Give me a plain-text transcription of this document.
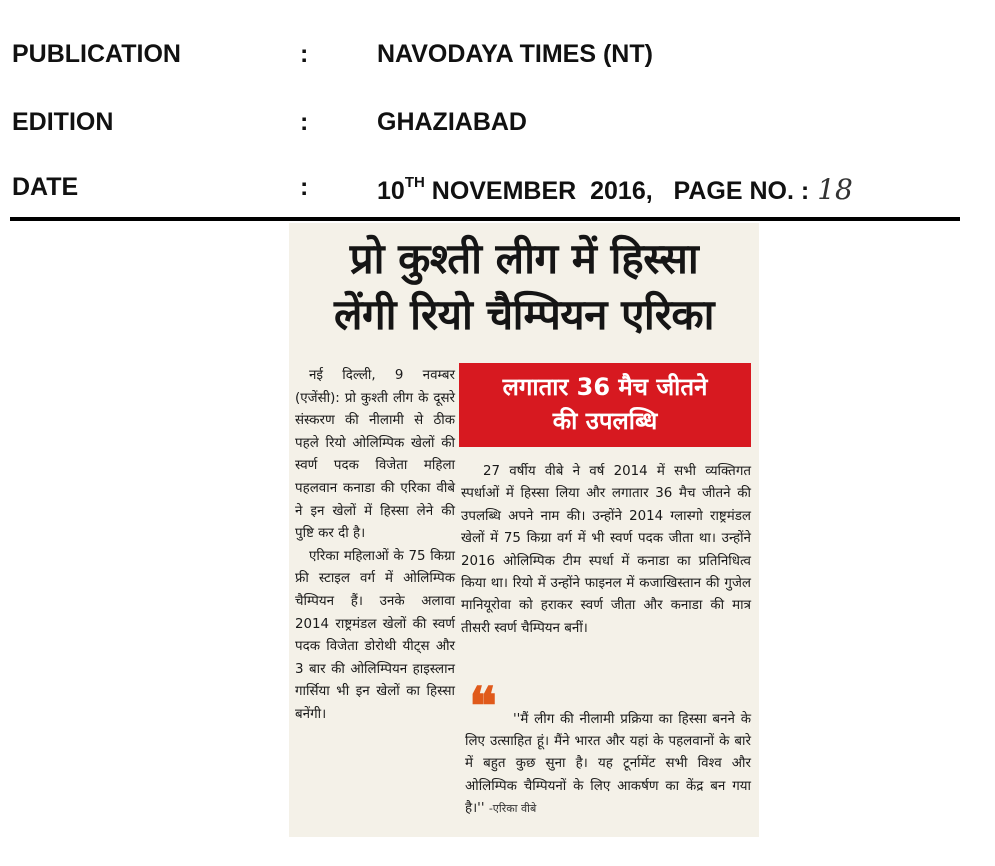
PUBLICATION	:	NAVODAYA TIMES (NT)
EDITION	:	GHAZIABAD
DATE	:	10TH NOVEMBER  2016, PAGE NO. : 18
प्रो कुश्ती लीग में हिस्सा
लेंगी रियो चैम्पियन एरिका

नई दिल्ली, 9 नवम्बर (एजेंसी): प्रो कुश्ती लीग के दूसरे संस्करण की नीलामी से ठीक पहले रियो ओलिम्पिक खेलों की स्वर्ण पदक विजेता महिला पहलवान कनाडा की एरिका वीबे ने इन खेलों में हिस्सा लेने की पुष्टि कर दी है।

एरिका महिलाओं के 75 किग्रा फ्री स्टाइल वर्ग में ओलिम्पिक चैम्पियन हैं। उनके अलावा 2014 राष्ट्रमंडल खेलों की स्वर्ण पदक विजेता डोरोथी यीट्स और 3 बार की ओलिम्पियन हाइस्लान गार्सिया भी इन खेलों का हिस्सा बनेंगी।

लगातार 36 मैच जीतने
की उपलब्धि

27 वर्षीय वीबे ने वर्ष 2014 में सभी व्यक्तिगत स्पर्धाओं में हिस्सा लिया और लगातार 36 मैच जीतने की उपलब्धि अपने नाम की। उन्होंने 2014 ग्लास्गो राष्ट्रमंडल खेलों में 75 किग्रा वर्ग में भी स्वर्ण पदक जीता था। उन्होंने 2016 ओलिम्पिक टीम स्पर्धा में कनाडा का प्रतिनिधित्व किया था। रियो में उन्होंने फाइनल में कजाखिस्तान की गुजेल मानियूरोवा को हराकर स्वर्ण जीता और कनाडा की मात्र तीसरी स्वर्ण चैम्पियन बनीं।

❝	''मैं लीग की नीलामी प्रक्रिया का हिस्सा बनने के लिए उत्साहित हूं। मैंने भारत और यहां के पहलवानों के बारे में बहुत कुछ सुना है। यह टूर्नामेंट सभी विश्व और ओलिम्पिक चैम्पियनों के लिए आकर्षण का केंद्र बन गया है।'' -एरिका वीबे
